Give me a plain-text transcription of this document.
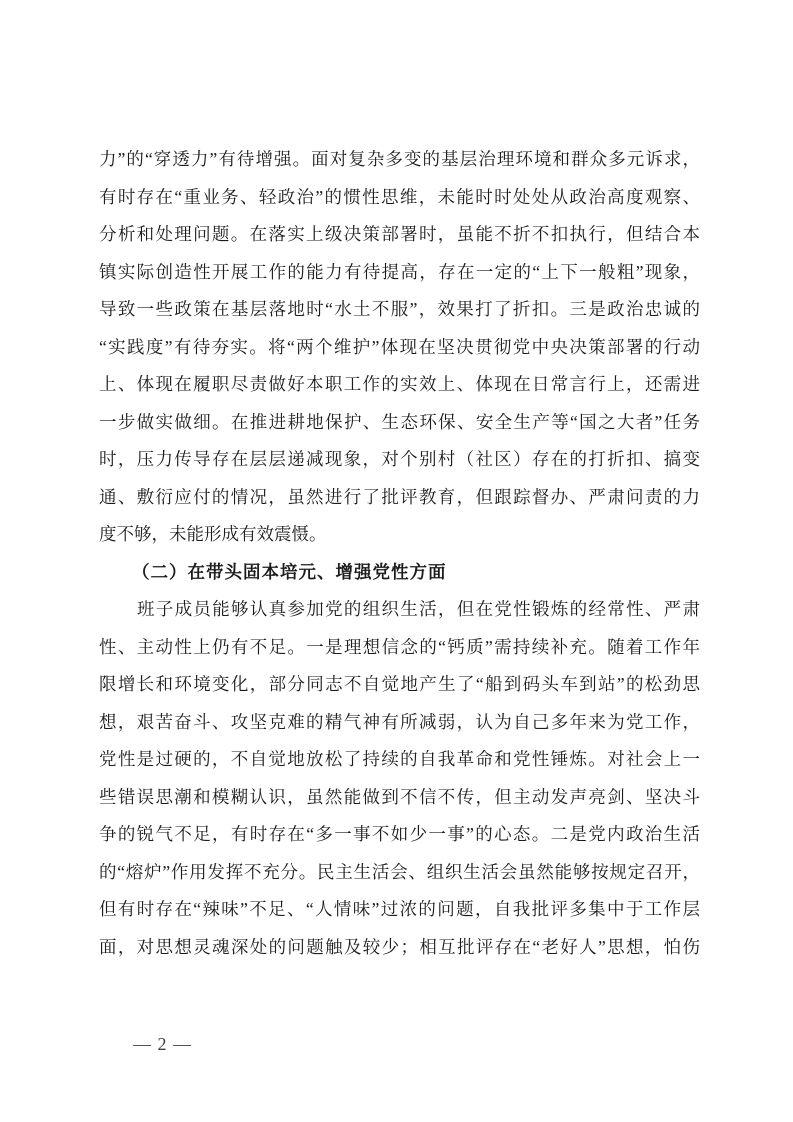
力”的“穿透力”有待增强。面对复杂多变的基层治理环境和群众多元诉求，
有时存在“重业务、轻政治”的惯性思维，未能时时处处从政治高度观察、
分析和处理问题。在落实上级决策部署时，虽能不折不扣执行，但结合本
镇实际创造性开展工作的能力有待提高，存在一定的“上下一般粗”现象，
导致一些政策在基层落地时“水土不服”，效果打了折扣。三是政治忠诚的
“实践度”有待夯实。将“两个维护”体现在坚决贯彻党中央决策部署的行动
上、体现在履职尽责做好本职工作的实效上、体现在日常言行上，还需进
一步做实做细。在推进耕地保护、生态环保、安全生产等“国之大者”任务
时，压力传导存在层层递减现象，对个别村（社区）存在的打折扣、搞变
通、敷衍应付的情况，虽然进行了批评教育，但跟踪督办、严肃问责的力
度不够，未能形成有效震慑。
（二）在带头固本培元、增强党性方面
班子成员能够认真参加党的组织生活，但在党性锻炼的经常性、严肃
性、主动性上仍有不足。一是理想信念的“钙质”需持续补充。随着工作年
限增长和环境变化，部分同志不自觉地产生了“船到码头车到站”的松劲思
想，艰苦奋斗、攻坚克难的精气神有所减弱，认为自己多年来为党工作，
党性是过硬的，不自觉地放松了持续的自我革命和党性锤炼。对社会上一
些错误思潮和模糊认识，虽然能做到不信不传，但主动发声亮剑、坚决斗
争的锐气不足，有时存在“多一事不如少一事”的心态。二是党内政治生活
的“熔炉”作用发挥不充分。民主生活会、组织生活会虽然能够按规定召开，
但有时存在“辣味”不足、“人情味”过浓的问题，自我批评多集中于工作层
面，对思想灵魂深处的问题触及较少；相互批评存在“老好人”思想，怕伤
— 2 —
